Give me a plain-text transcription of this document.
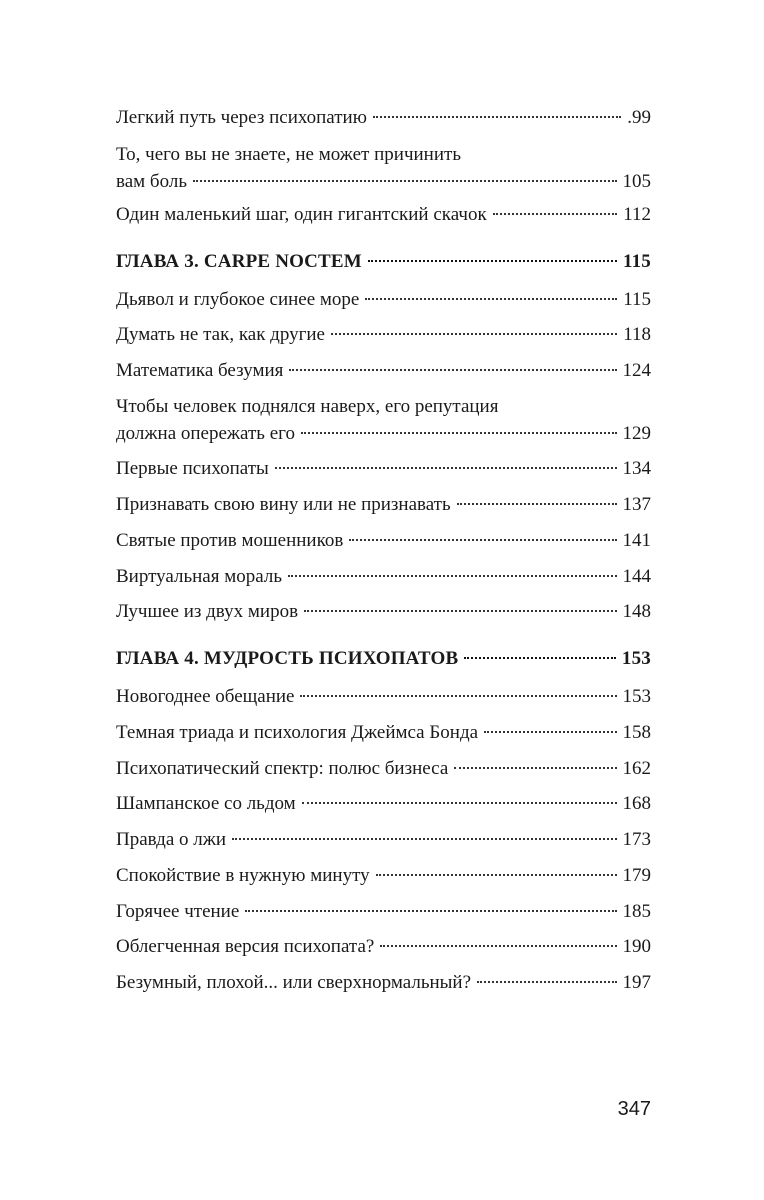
Легкий путь через психопатию	.99
То, чего вы не знаете, не может причинить
вам боль	105
Один маленький шаг, один гигантский скачок	112
ГЛАВА 3. CARPE NOCTEM	115
Дьявол и глубокое синее море	115
Думать не так, как другие	118
Математика безумия	124
Чтобы человек поднялся наверх, его репутация
должна опережать его	129
Первые психопаты	134
Признавать свою вину или не признавать	137
Святые против мошенников	141
Виртуальная мораль	144
Лучшее из двух миров	148
ГЛАВА 4. МУДРОСТЬ ПСИХОПАТОВ	153
Новогоднее обещание	153
Темная триада и психология Джеймса Бонда	158
Психопатический спектр: полюс бизнеса	162
Шампанское со льдом	168
Правда о лжи	173
Спокойствие в нужную минуту	179
Горячее чтение	185
Облегченная версия психопата?	190
Безумный, плохой... или сверхнормальный?	197
347
